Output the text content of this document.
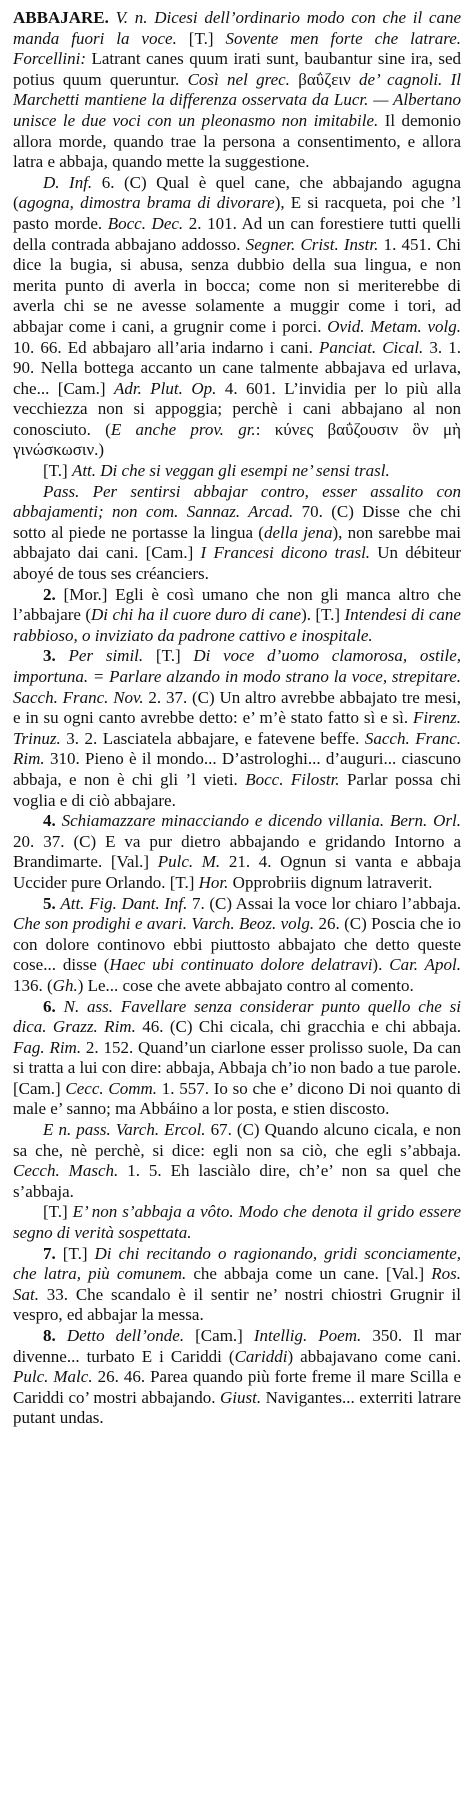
ABBAJARE. V. n. Dicesi dell’ordinario modo con che il cane manda fuori la voce. [T.] Sovente men forte che latrare. Forcellini: Latrant canes quum irati sunt, baubantur sine ira, sed potius quum queruntur. Così nel grec. βαΰζειν de’ cagnoli. Il Marchetti mantiene la differenza osservata da Lucr. — Albertano unisce le due voci con un pleonasmo non imitabile. Il demonio allora morde, quando trae la persona a consentimento, e allora latra e abbaja, quando mette la suggestione.

D. Inf. 6. (C) Qual è quel cane, che abbajando agugna (agogna, dimostra brama di divorare), E si racqueta, poi che ’l pasto morde. Bocc. Dec. 2. 101. Ad un can forestiere tutti quelli della contrada abbajano addosso. Segner. Crist. Instr. 1. 451. Chi dice la bugia, si abusa, senza dubbio della sua lingua, e non merita punto di averla in bocca; come non si meriterebbe di averla chi se ne avesse solamente a muggir come i tori, ad abbajar come i cani, a grugnir come i porci. Ovid. Metam. volg. 10. 66. Ed abbajaro all’aria indarno i cani. Panciat. Cical. 3. 1. 90. Nella bottega accanto un cane talmente abbajava ed urlava, che... [Cam.] Adr. Plut. Op. 4. 601. L’invidia per lo più alla vecchiezza non si appoggia; perchè i cani abbajano al non conosciuto. (E anche prov. gr.: κύνες βαΰζουσιν ὃν μὴ γινώσκωσιν.)

[T.] Att. Di che si veggan gli esempi ne’ sensi trasl.

Pass. Per sentirsi abbajar contro, esser assalito con abbajamenti; non com. Sannaz. Arcad. 70. (C) Disse che chi sotto al piede ne portasse la lingua (della jena), non sarebbe mai abbajato dai cani. [Cam.] I Francesi dicono trasl. Un débiteur aboyé de tous ses créanciers.

2. [Mor.] Egli è così umano che non gli manca altro che l’abbajare (Di chi ha il cuore duro di cane). [T.] Intendesi di cane rabbioso, o inviziato da padrone cattivo e inospitale.

3. Per simil. [T.] Di voce d’uomo clamorosa, ostile, importuna. = Parlare alzando in modo strano la voce, strepitare. Sacch. Franc. Nov. 2. 37. (C) Un altro avrebbe abbajato tre mesi, e in su ogni canto avrebbe detto: e’ m’è stato fatto sì e sì. Firenz. Trinuz. 3. 2. Lasciatela abbajare, e fatevene beffe. Sacch. Franc. Rim. 310. Pieno è il mondo... D’astrologhi... d’auguri... ciascuno abbaja, e non è chi gli ’l vieti. Bocc. Filostr. Parlar possa chi voglia e di ciò abbajare.

4. Schiamazzare minacciando e dicendo villania. Bern. Orl. 20. 37. (C) E va pur dietro abbajando e gridando Intorno a Brandimarte. [Val.] Pulc. M. 21. 4. Ognun si vanta e abbaja Uccider pure Orlando. [T.] Hor. Opprobriis dignum latraverit.

5. Att. Fig. Dant. Inf. 7. (C) Assai la voce lor chiaro l’abbaja. Che son prodighi e avari. Varch. Beoz. volg. 26. (C) Poscia che io con dolore continovo ebbi piuttosto abbajato che detto queste cose... disse (Haec ubi continuato dolore delatravi). Car. Apol. 136. (Gh.) Le... cose che avete abbajato contro al comento.

6. N. ass. Favellare senza considerar punto quello che si dica. Grazz. Rim. 46. (C) Chi cicala, chi gracchia e chi abbaja. Fag. Rim. 2. 152. Quand’un ciarlone esser prolisso suole, Da can si tratta a lui con dire: abbaja, Abbaja ch’io non bado a tue parole. [Cam.] Cecc. Comm. 1. 557. Io so che e’ dicono Di noi quanto di male e’ sanno; ma Abbáino a lor posta, e stien discosto.

E n. pass. Varch. Ercol. 67. (C) Quando alcuno cicala, e non sa che, nè perchè, si dice: egli non sa ciò, che egli s’abbaja. Cecch. Masch. 1. 5. Eh lasciàlo dire, ch’e’ non sa quel che s’abbaja.

[T.] E’ non s’abbaja a vôto. Modo che denota il grido essere segno di verità sospettata.

7. [T.] Di chi recitando o ragionando, gridi sconciamente, che latra, più comunem. che abbaja come un cane. [Val.] Ros. Sat. 33. Che scandalo è il sentir ne’ nostri chiostri Grugnir il vespro, ed abbajar la messa.

8. Detto dell’onde. [Cam.] Intellig. Poem. 350. Il mar divenne... turbato E i Cariddi (Cariddi) abbajavano come cani. Pulc. Malc. 26. 46. Parea quando più forte freme il mare Scilla e Cariddi co’ mostri abbajando. Giust. Navigantes... exterriti latrare putant undas.
